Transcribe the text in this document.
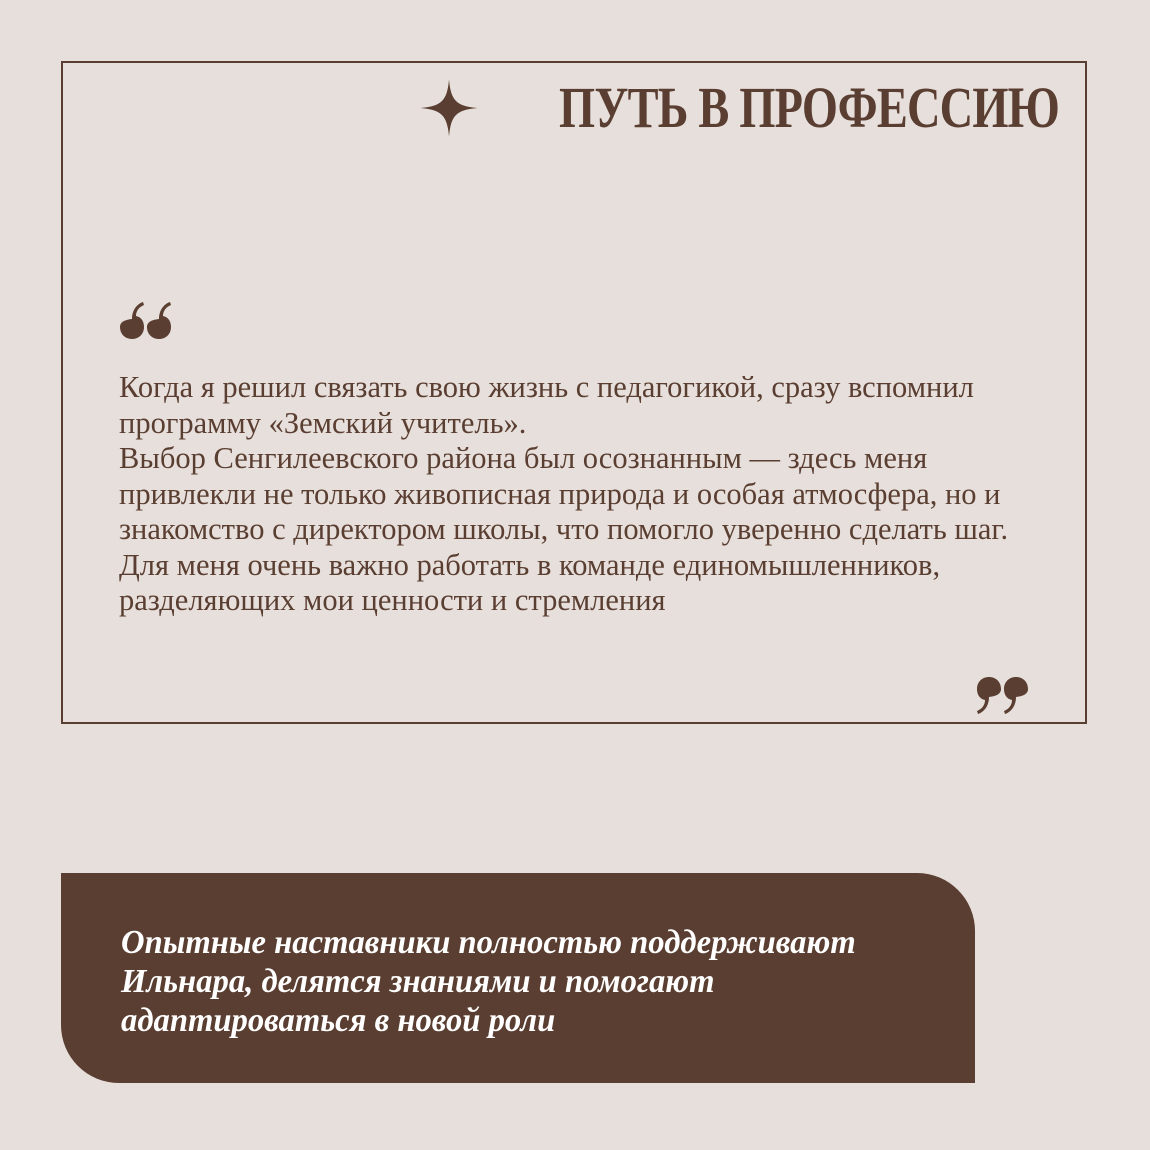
ПУТЬ В ПРОФЕССИЮ

Когда я решил связать свою жизнь с педагогикой, сразу вспомнил программу «Земский учитель».

Выбор Сенгилеевского района был осознанным — здесь меня привлекли не только живописная природа и особая атмосфера, но и знакомство с директором школы, что помогло уверенно сделать шаг. Для меня очень важно работать в команде единомышленников, разделяющих мои ценности и стремления

Опытные наставники полностью поддерживают Ильнара, делятся знаниями и помогают адаптироваться в новой роли
